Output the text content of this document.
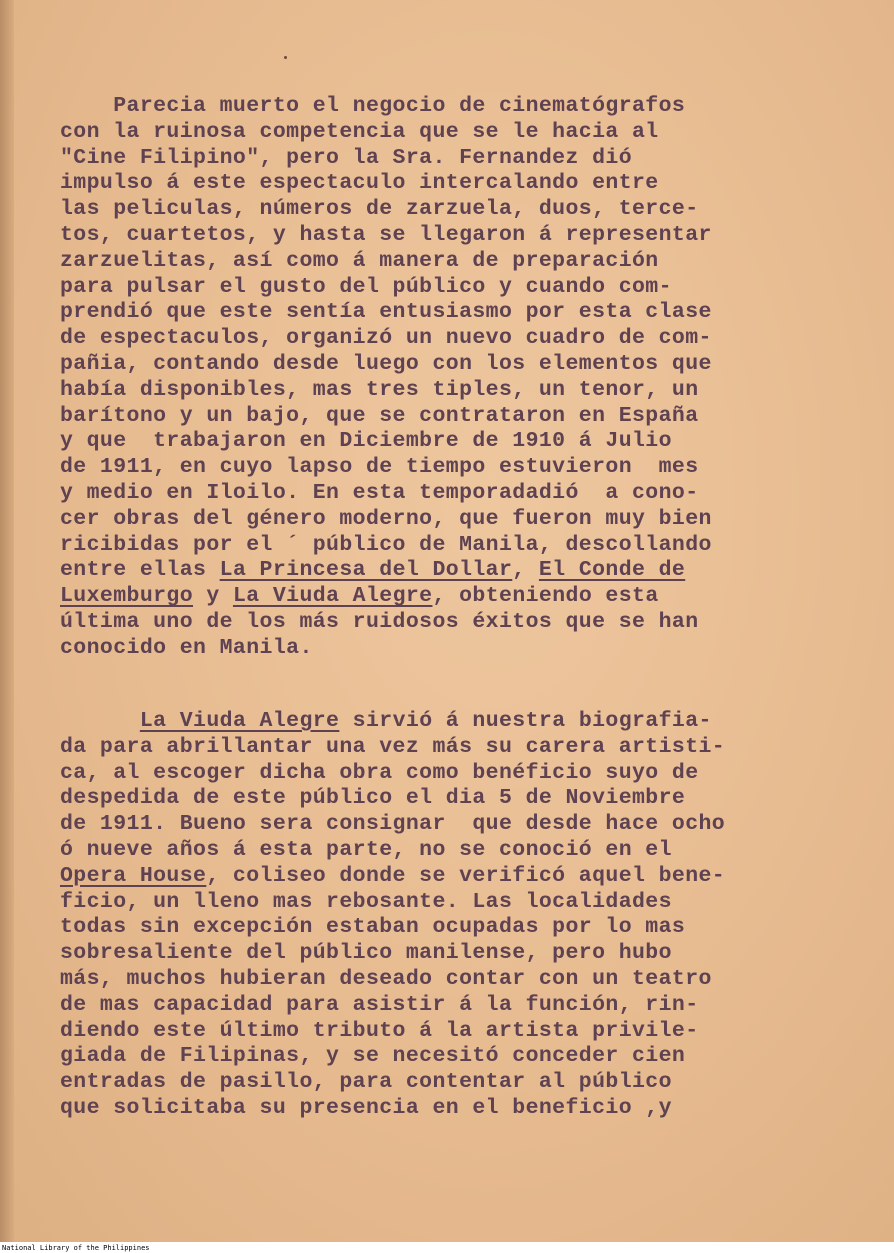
Parecia muerto el negocio de cinematógrafos
con la ruinosa competencia que se le hacia al
"Cine Filipino", pero la Sra. Fernandez dió
impulso á este espectaculo intercalando entre
las peliculas, números de zarzuela, duos, terce-
tos, cuartetos, y hasta se llegaron á representar
zarzuelitas, así como á manera de preparación
para pulsar el gusto del público y cuando com-
prendió que este sentía entusiasmo por esta clase
de espectaculos, organizó un nuevo cuadro de com-
pañia, contando desde luego con los elementos que
había disponibles, mas tres tiples, un tenor, un
barítono y un bajo, que se contrataron en España
y que  trabajaron en Diciembre de 1910 á Julio
de 1911, en cuyo lapso de tiempo estuvieron  mes
y medio en Iloilo. En esta temporadadió  a cono-
cer obras del género moderno, que fueron muy bien
ricibidas por el ´ público de Manila, descollando
entre ellas La Princesa del Dollar, El Conde de
Luxemburgo y La Viuda Alegre, obteniendo esta
última uno de los más ruidosos éxitos que se han
conocido en Manila.
La Viuda Alegre sirvió á nuestra biografia-
da para abrillantar una vez más su carera artisti-
ca, al escoger dicha obra como benéficio suyo de
despedida de este público el dia 5 de Noviembre
de 1911. Bueno sera consignar  que desde hace ocho
ó nueve años á esta parte, no se conoció en el
Opera House, coliseo donde se verificó aquel bene-
ficio, un lleno mas rebosante. Las localidades
todas sin excepción estaban ocupadas por lo mas
sobresaliente del público manilense, pero hubo
más, muchos hubieran deseado contar con un teatro
de mas capacidad para asistir á la función, rin-
diendo este último tributo á la artista privile-
giada de Filipinas, y se necesitó conceder cien
entradas de pasillo, para contentar al público
que solicitaba su presencia en el beneficio ,y
National Library of the Philippines
